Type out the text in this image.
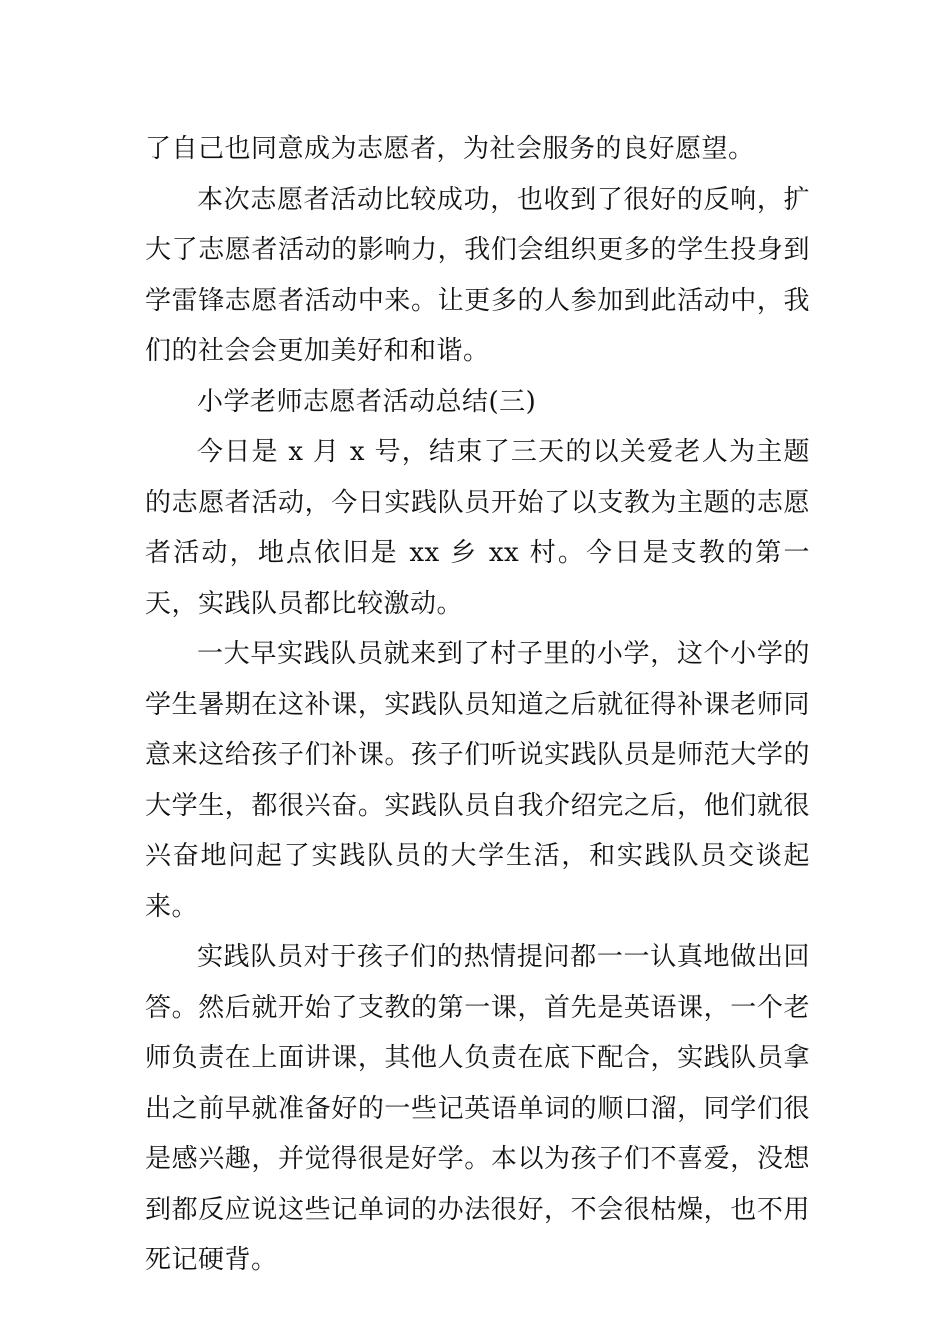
了自己也同意成为志愿者，为社会服务的良好愿望。

本次志愿者活动比较成功，也收到了很好的反响，扩大了志愿者活动的影响力，我们会组织更多的学生投身到学雷锋志愿者活动中来。让更多的人参加到此活动中，我们的社会会更加美好和和谐。

小学老师志愿者活动总结(三)

今日是 x 月 x 号，结束了三天的以关爱老人为主题的志愿者活动，今日实践队员开始了以支教为主题的志愿者活动，地点依旧是 xx 乡 xx 村。今日是支教的第一天，实践队员都比较激动。

一大早实践队员就来到了村子里的小学，这个小学的学生暑期在这补课，实践队员知道之后就征得补课老师同意来这给孩子们补课。孩子们听说实践队员是师范大学的大学生，都很兴奋。实践队员自我介绍完之后，他们就很兴奋地问起了实践队员的大学生活，和实践队员交谈起来。

实践队员对于孩子们的热情提问都一一认真地做出回答。然后就开始了支教的第一课，首先是英语课，一个老师负责在上面讲课，其他人负责在底下配合，实践队员拿出之前早就准备好的一些记英语单词的顺口溜，同学们很是感兴趣，并觉得很是好学。本以为孩子们不喜爱，没想到都反应说这些记单词的办法很好，不会很枯燥，也不用死记硬背。
